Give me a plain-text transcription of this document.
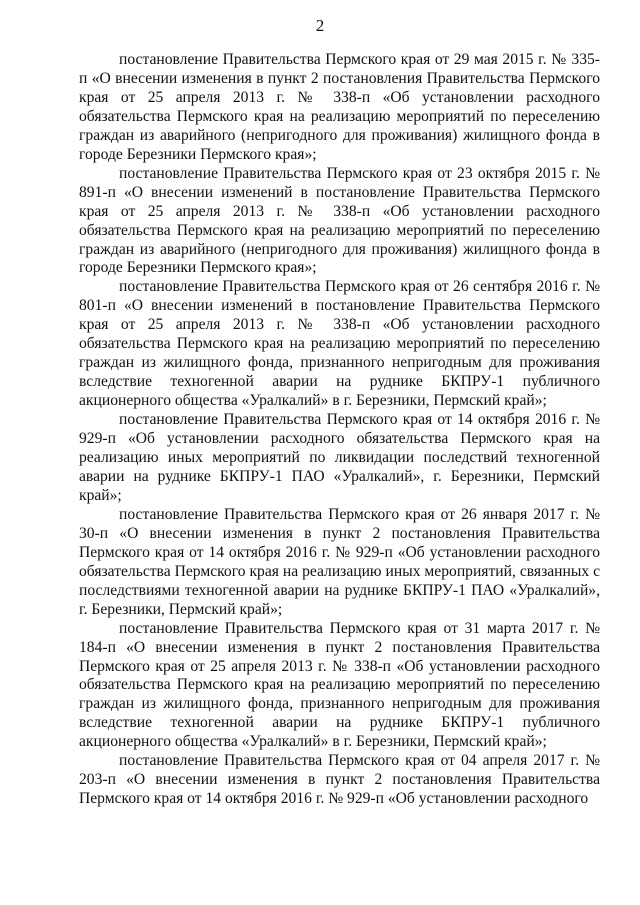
2

постановление Правительства Пермского края от 29 мая 2015 г. № 335-п «О внесении изменения в пункт 2 постановления Правительства Пермского края от 25 апреля 2013 г. № 338-п «Об установлении расходного обязательства Пермского края на реализацию мероприятий по переселению граждан из аварийного (непригодного для проживания) жилищного фонда в городе Березники Пермского края»;

постановление Правительства Пермского края от 23 октября 2015 г. № 891-п «О внесении изменений в постановление Правительства Пермского края от 25 апреля 2013 г. № 338-п «Об установлении расходного обязательства Пермского края на реализацию мероприятий по переселению граждан из аварийного (непригодного для проживания) жилищного фонда в городе Березники Пермского края»;

постановление Правительства Пермского края от 26 сентября 2016 г. № 801-п «О внесении изменений в постановление Правительства Пермского края от 25 апреля 2013 г. № 338-п «Об установлении расходного обязательства Пермского края на реализацию мероприятий по переселению граждан из жилищного фонда, признанного непригодным для проживания вследствие техногенной аварии на руднике БКПРУ-1 публичного акционерного общества «Уралкалий» в г. Березники, Пермский край»;

постановление Правительства Пермского края от 14 октября 2016 г. № 929-п «Об установлении расходного обязательства Пермского края на реализацию иных мероприятий по ликвидации последствий техногенной аварии на руднике БКПРУ-1 ПАО «Уралкалий», г. Березники, Пермский край»;

постановление Правительства Пермского края от 26 января 2017 г. № 30-п «О внесении изменения в пункт 2 постановления Правительства Пермского края от 14 октября 2016 г. № 929-п «Об установлении расходного обязательства Пермского края на реализацию иных мероприятий, связанных с последствиями техногенной аварии на руднике БКПРУ-1 ПАО «Уралкалий», г. Березники, Пермский край»;

постановление Правительства Пермского края от 31 марта 2017 г. № 184-п «О внесении изменения в пункт 2 постановления Правительства Пермского края от 25 апреля 2013 г. № 338-п «Об установлении расходного обязательства Пермского края на реализацию мероприятий по переселению граждан из жилищного фонда, признанного непригодным для проживания вследствие техногенной аварии на руднике БКПРУ-1 публичного акционерного общества «Уралкалий» в г. Березники, Пермский край»;

постановление Правительства Пермского края от 04 апреля 2017 г. № 203-п «О внесении изменения в пункт 2 постановления Правительства Пермского края от 14 октября 2016 г. № 929-п «Об установлении расходного
